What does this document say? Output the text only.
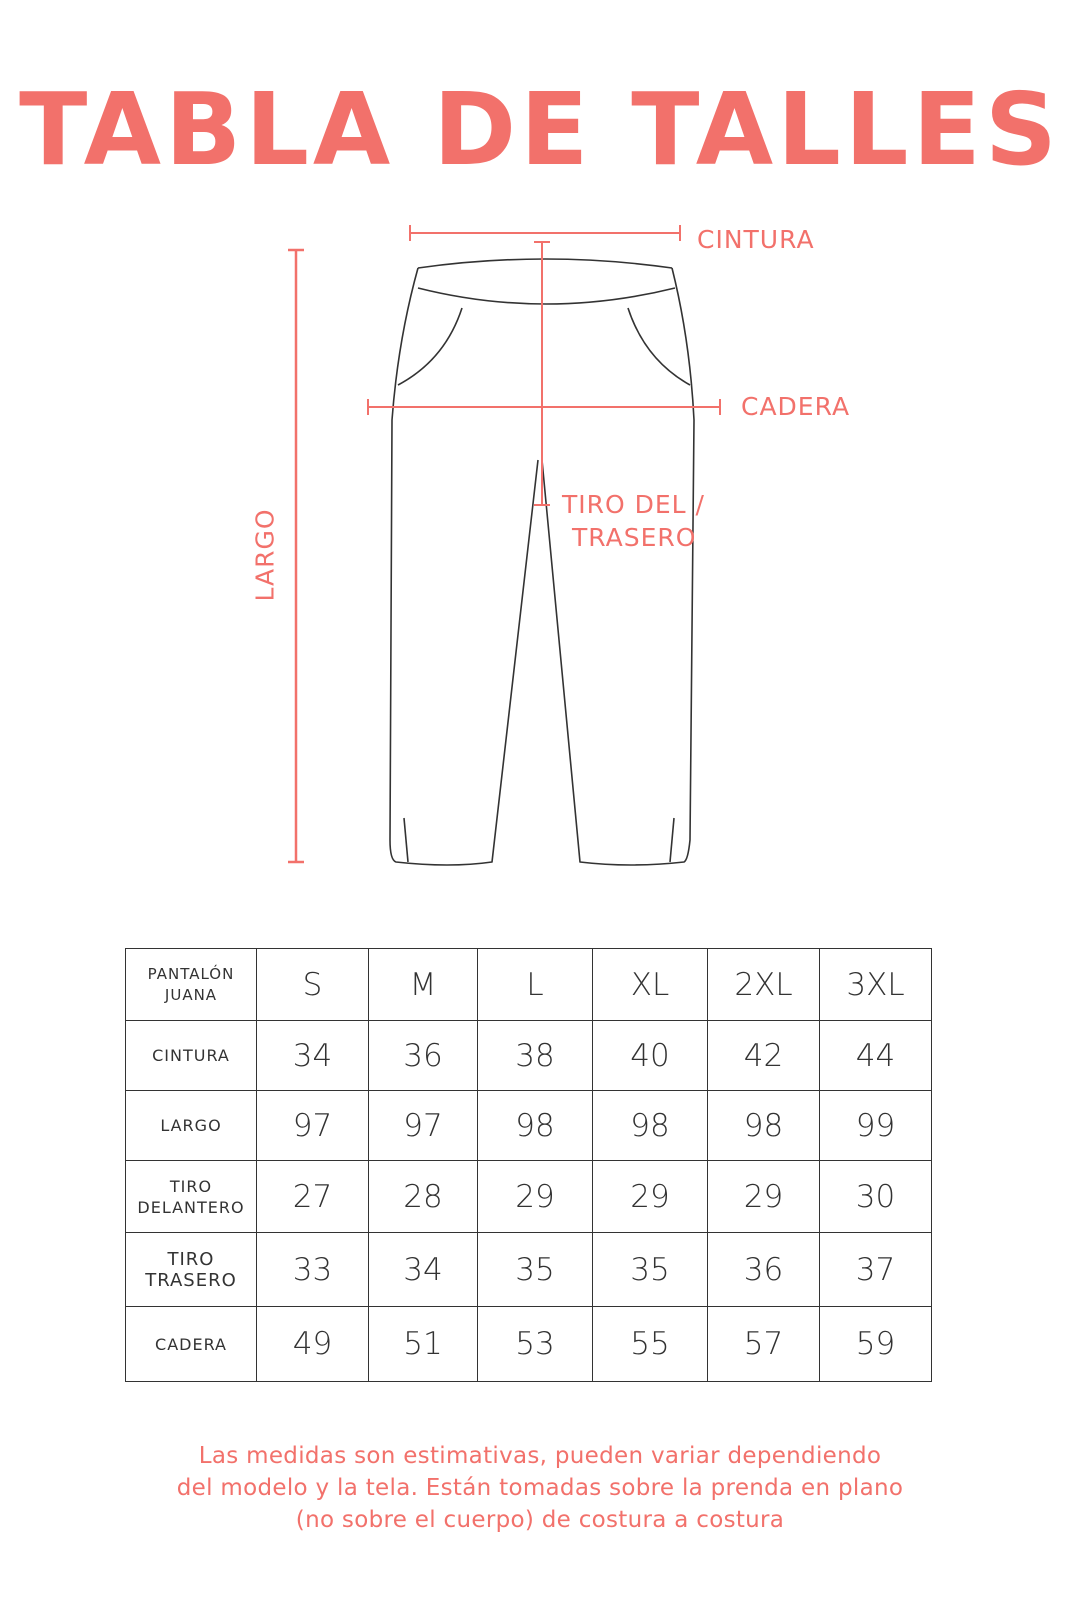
TABLA DE TALLES
CINTURA
CADERA
TIRO DEL /
TRASERO
LARGO
PANTALÓN
JUANA	S	M	L	XL	2XL	3XL
CINTURA	34	36	38	40	42	44
LARGO	97	97	98	98	98	99

TIRO
DELANTERO	27	28	29	29	29	30

TIRO
TRASERO	33	34	35	35	36	37
CADERA	49	51	53	55	57	59
Las medidas son estimativas, pueden variar dependiendo
del modelo y la tela. Están tomadas sobre la prenda en plano
(no sobre el cuerpo) de costura a costura
